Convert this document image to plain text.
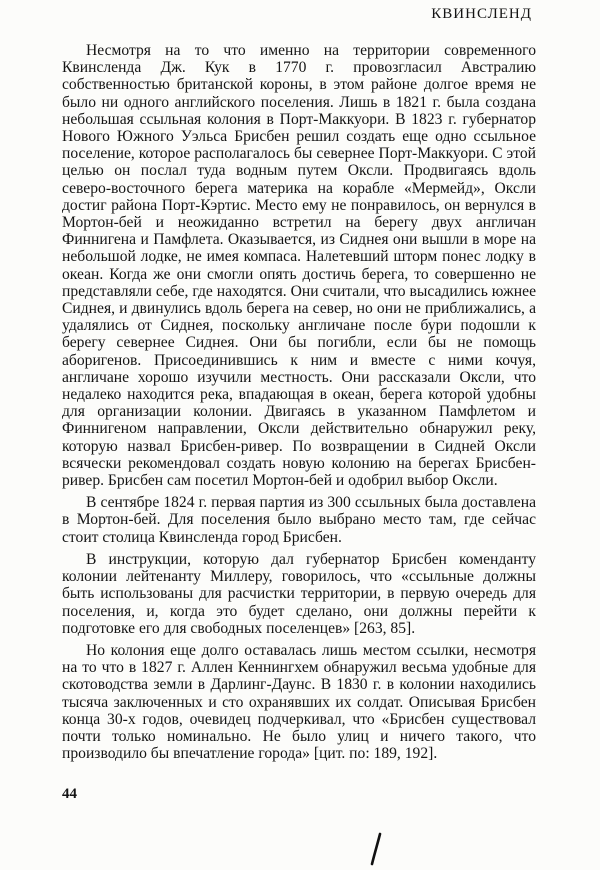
КВИНСЛЕНД

Несмотря на то что именно на территории современного Квинсленда Дж. Кук в 1770 г. провозгласил Австралию собственностью британской короны, в этом районе долгое время не было ни одного английского поселения. Лишь в 1821 г. была создана небольшая ссыльная колония в Порт-Маккуори. В 1823 г. губернатор Нового Южного Уэльса Брисбен решил создать еще одно ссыльное поселение, которое располагалось бы севернее Порт-Маккуори. С этой целью он послал туда водным путем Оксли. Продвигаясь вдоль северо-восточного берега материка на корабле «Мермейд», Оксли достиг района Порт-Кэртис. Место ему не понравилось, он вернулся в Мортон-бей и неожиданно встретил на берегу двух англичан Финнигена и Памфлета. Оказывается, из Сиднея они вышли в море на небольшой лодке, не имея компаса. Налетевший шторм понес лодку в океан. Когда же они смогли опять достичь берега, то совершенно не представляли себе, где находятся. Они считали, что высадились южнее Сиднея, и двинулись вдоль берега на север, но они не приближались, а удалялись от Сиднея, поскольку англичане после бури подошли к берегу севернее Сиднея. Они бы погибли, если бы не помощь аборигенов. Присоединившись к ним и вместе с ними кочуя, англичане хорошо изучили местность. Они рассказали Оксли, что недалеко находится река, впадающая в океан, берега которой удобны для организации колонии. Двигаясь в указанном Памфлетом и Финнигеном направлении, Оксли действительно обнаружил реку, которую назвал Брисбен-ривер. По возвращении в Сидней Оксли всячески рекомендовал создать новую колонию на берегах Брисбен-ривер. Брисбен сам посетил Мортон-бей и одобрил выбор Оксли.

В сентябре 1824 г. первая партия из 300 ссыльных была доставлена в Мортон-бей. Для поселения было выбрано место там, где сейчас стоит столица Квинсленда город Брисбен.

В инструкции, которую дал губернатор Брисбен коменданту колонии лейтенанту Миллеру, говорилось, что «ссыльные должны быть использованы для расчистки территории, в первую очередь для поселения, и, когда это будет сделано, они должны перейти к подготовке его для свободных поселенцев» [263, 85].

Но колония еще долго оставалась лишь местом ссылки, несмотря на то что в 1827 г. Аллен Кеннингхем обнаружил весьма удобные для скотоводства земли в Дарлинг-Даунс. В 1830 г. в колонии находились тысяча заключенных и сто охранявших их солдат. Описывая Брисбен конца 30-х годов, очевидец подчеркивал, что «Брисбен существовал почти только номинально. Не было улиц и ничего такого, что производило бы впечатление города» [цит. по: 189, 192].

44
